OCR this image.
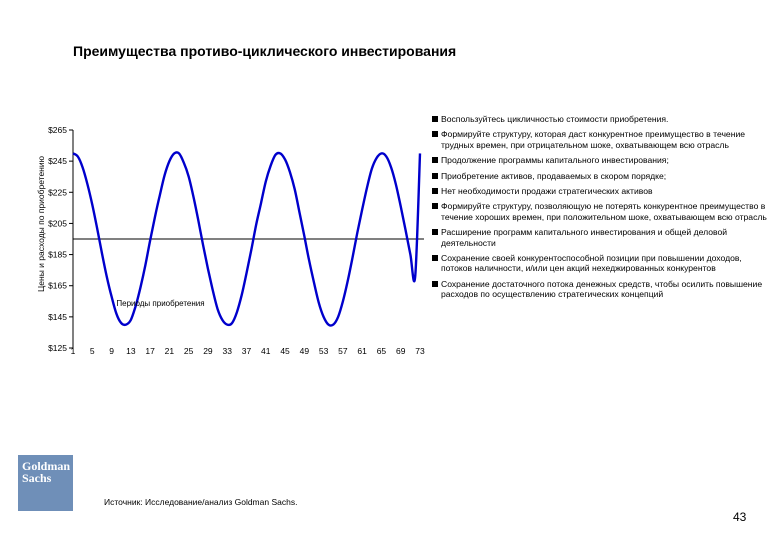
Преимущества противо-циклического инвестирования
Цены и расходы по приобретению
$125
$145
$165
$185
$205
$225
$245
$265
1 5 9 13 17 21 25 29 33 37 41 45 49 53 57 61 65 69 73
Периоды приобретения
Воспользуйтесь цикличностью стоимости приобретения.
Формируйте структуру, которая даст конкурентное преимущество в течение трудных времен, при отрицательном шоке, охватывающем всю отрасль
Продолжение программы капитального инвестирования;
Приобретение активов, продаваемых в скором порядке;
Нет необходимости продажи стратегических активов
Формируйте структуру, позволяющую не потерять конкурентное преимущество в течение хороших времен, при положительном шоке, охватывающем всю отрасль
Расширение программ капитального инвестирования и общей деловой деятельности
Сохранение своей конкурентоспособной позиции при повышении доходов, потоков наличности, и/или цен акций нехеджированных конкурентов
Сохранение достаточного потока денежных средств, чтобы осилить повышение расходов по осуществлению стратегических концепций
Goldman
Sachs
Источник: Исследование/анализ Goldman Sachs.
43
